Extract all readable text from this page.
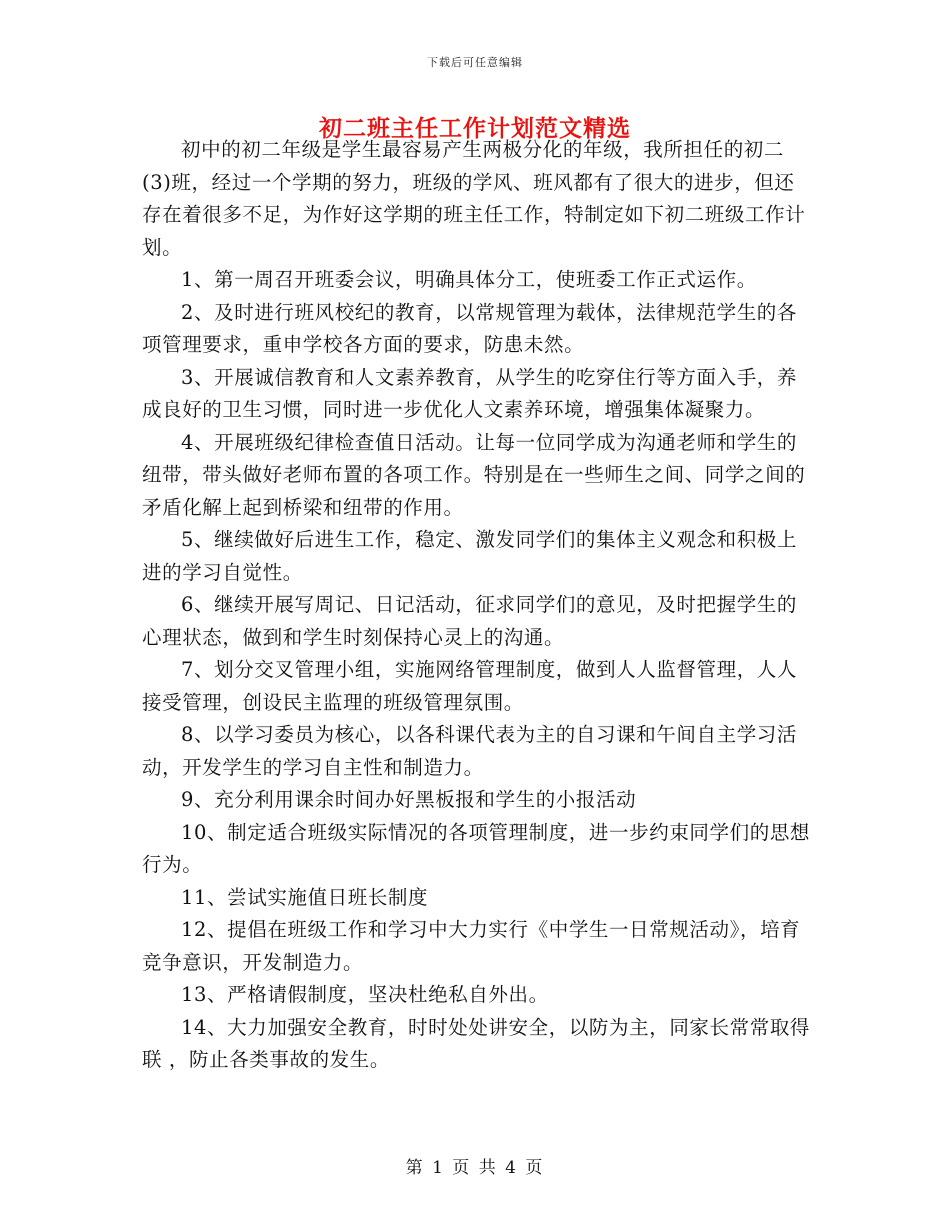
下载后可任意编辑
初二班主任工作计划范文精选

初中的初二年级是学生最容易产生两极分化的年级，我所担任的初二(3)班，经过一个学期的努力，班级的学风、班风都有了很大的进步，但还存在着很多不足，为作好这学期的班主任工作，特制定如下初二班级工作计划。

1、第一周召开班委会议，明确具体分工，使班委工作正式运作。

2、及时进行班风校纪的教育，以常规管理为载体，法律规范学生的各项管理要求，重申学校各方面的要求，防患未然。

3、开展诚信教育和人文素养教育，从学生的吃穿住行等方面入手，养成良好的卫生习惯，同时进一步优化人文素养环境，增强集体凝聚力。

4、开展班级纪律检查值日活动。让每一位同学成为沟通老师和学生的纽带，带头做好老师布置的各项工作。特别是在一些师生之间、同学之间的矛盾化解上起到桥梁和纽带的作用。

5、继续做好后进生工作，稳定、激发同学们的集体主义观念和积极上进的学习自觉性。

6、继续开展写周记、日记活动，征求同学们的意见，及时把握学生的心理状态，做到和学生时刻保持心灵上的沟通。

7、划分交叉管理小组，实施网络管理制度，做到人人监督管理，人人接受管理，创设民主监理的班级管理氛围。

8、以学习委员为核心，以各科课代表为主的自习课和午间自主学习活动，开发学生的学习自主性和制造力。

9、充分利用课余时间办好黑板报和学生的小报活动

10、制定适合班级实际情况的各项管理制度，进一步约束同学们的思想行为。

11、尝试实施值日班长制度

12、提倡在班级工作和学习中大力实行《中学生一日常规活动》，培育竞争意识，开发制造力。

13、严格请假制度，坚决杜绝私自外出。

14、大力加强安全教育，时时处处讲安全，以防为主，同家长常常取得联 ，防止各类事故的发生。

第 1 页 共 4 页
